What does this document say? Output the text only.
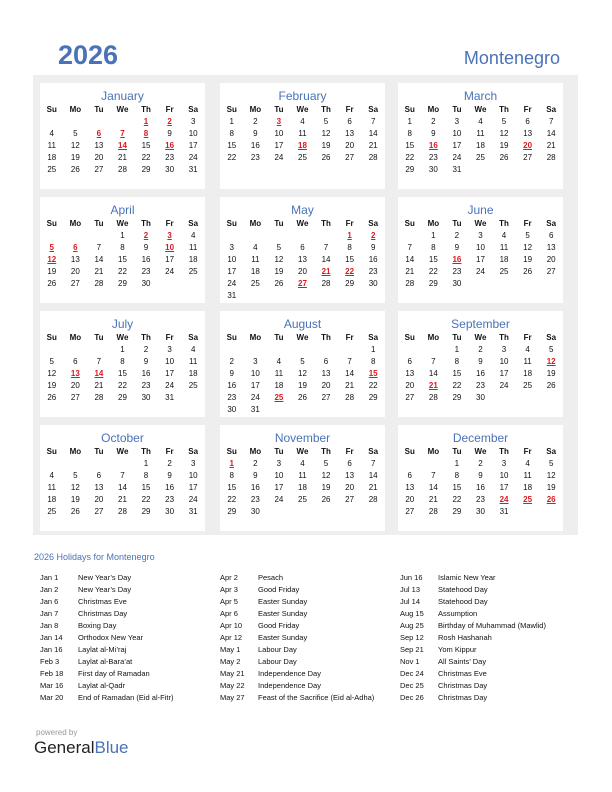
2026	Montenegro
January
Su	Mo	Tu	We	Th	Fr	Sa
				1	2	3
4	5	6	7	8	9	10
11	12	13	14	15	16	17
18	19	20	21	22	23	24
25	26	27	28	29	30	31
February
Su	Mo	Tu	We	Th	Fr	Sa
1	2	3	4	5	6	7
8	9	10	11	12	13	14
15	16	17	18	19	20	21
22	23	24	25	26	27	28
March
Su	Mo	Tu	We	Th	Fr	Sa
1	2	3	4	5	6	7
8	9	10	11	12	13	14
15	16	17	18	19	20	21
22	23	24	25	26	27	28
29	30	31				
April
Su	Mo	Tu	We	Th	Fr	Sa
			1	2	3	4
5	6	7	8	9	10	11
12	13	14	15	16	17	18
19	20	21	22	23	24	25
26	27	28	29	30		
May
Su	Mo	Tu	We	Th	Fr	Sa
					1	2
3	4	5	6	7	8	9
10	11	12	13	14	15	16
17	18	19	20	21	22	23
24	25	26	27	28	29	30
31						
June
Su	Mo	Tu	We	Th	Fr	Sa
	1	2	3	4	5	6
7	8	9	10	11	12	13
14	15	16	17	18	19	20
21	22	23	24	25	26	27
28	29	30				
July
Su	Mo	Tu	We	Th	Fr	Sa
			1	2	3	4
5	6	7	8	9	10	11
12	13	14	15	16	17	18
19	20	21	22	23	24	25
26	27	28	29	30	31	
August
Su	Mo	Tu	We	Th	Fr	Sa
						1
2	3	4	5	6	7	8
9	10	11	12	13	14	15
16	17	18	19	20	21	22
23	24	25	26	27	28	29
30	31					
September
Su	Mo	Tu	We	Th	Fr	Sa
		1	2	3	4	5
6	7	8	9	10	11	12
13	14	15	16	17	18	19
20	21	22	23	24	25	26
27	28	29	30			
October
Su	Mo	Tu	We	Th	Fr	Sa
				1	2	3
4	5	6	7	8	9	10
11	12	13	14	15	16	17
18	19	20	21	22	23	24
25	26	27	28	29	30	31
November
Su	Mo	Tu	We	Th	Fr	Sa
1	2	3	4	5	6	7
8	9	10	11	12	13	14
15	16	17	18	19	20	21
22	23	24	25	26	27	28
29	30					
December
Su	Mo	Tu	We	Th	Fr	Sa
		1	2	3	4	5
6	7	8	9	10	11	12
13	14	15	16	17	18	19
20	21	22	23	24	25	26
27	28	29	30	31		
2026 Holidays for Montenegro
Jan 1	New Year’s Day
Jan 2	New Year’s Day
Jan 6	Christmas Eve
Jan 7	Christmas Day
Jan 8	Boxing Day
Jan 14 Orthodox New Year
Jan 16 Laylat al-Mi’raj
Feb 3	Laylat al-Bara’at
Feb 18 First day of Ramadan
Mar 16 Laylat al-Qadr
Mar 20 End of Ramadan (Eid al-Fitr)
Apr 2	Pesach
Apr 3	Good Friday
Apr 5	Easter Sunday
Apr 6	Easter Sunday
Apr 10 Good Friday
Apr 12 Easter Sunday
May 1 Labour Day
May 2 Labour Day
May 21 Independence Day
May 22 Independence Day
May 27 Feast of the Sacrifice (Eid al-Adha)
Jun 16 Islamic New Year
Jul 13 Statehood Day
Jul 14 Statehood Day
Aug 15 Assumption
Aug 25 Birthday of Muhammad (Mawlid)
Sep 12 Rosh Hashanah
Sep 21 Yom Kippur
Nov 1 All Saints’ Day
Dec 24 Christmas Eve
Dec 25 Christmas Day
Dec 26 Christmas Day
powered by
GeneralBlue
